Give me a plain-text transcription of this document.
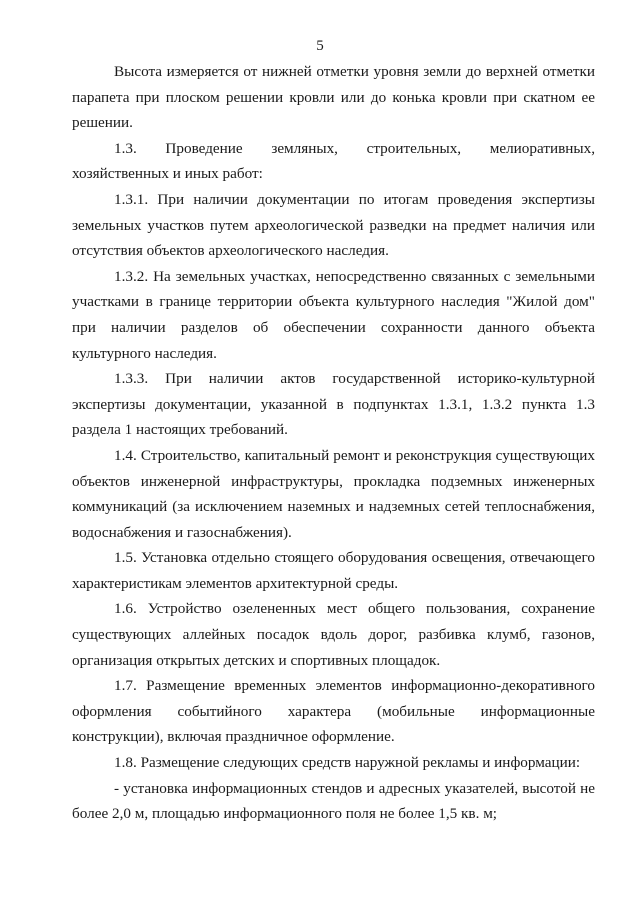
5

Высота измеряется от нижней отметки уровня земли до верхней отметки парапета при плоском решении кровли или до конька кровли при скатном ее решении.

1.3. Проведение земляных, строительных, мелиоративных, хозяйственных и иных работ:

1.3.1. При наличии документации по итогам проведения экспертизы земельных участков путем археологической разведки на предмет наличия или отсутствия объектов археологического наследия.

1.3.2. На земельных участках, непосредственно связанных с земельными участками в границе территории объекта культурного наследия "Жилой дом" при наличии разделов об обеспечении сохранности данного объекта культурного наследия.

1.3.3. При наличии актов государственной историко-культурной экспертизы документации, указанной в подпунктах 1.3.1, 1.3.2 пункта 1.3 раздела 1 настоящих требований.

1.4. Строительство, капитальный ремонт и реконструкция существующих объектов инженерной инфраструктуры, прокладка подземных инженерных коммуникаций (за исключением наземных и надземных сетей теплоснабжения, водоснабжения и газоснабжения).

1.5. Установка отдельно стоящего оборудования освещения, отвечающего характеристикам элементов архитектурной среды.

1.6. Устройство озелененных мест общего пользования, сохранение существующих аллейных посадок вдоль дорог, разбивка клумб, газонов, организация открытых детских и спортивных площадок.

1.7. Размещение временных элементов информационно-декоративного оформления событийного характера (мобильные информационные конструкции), включая праздничное оформление.

1.8. Размещение следующих средств наружной рекламы и информации:

- установка информационных стендов и адресных указателей, высотой не более 2,0 м, площадью информационного поля не более 1,5 кв. м;
